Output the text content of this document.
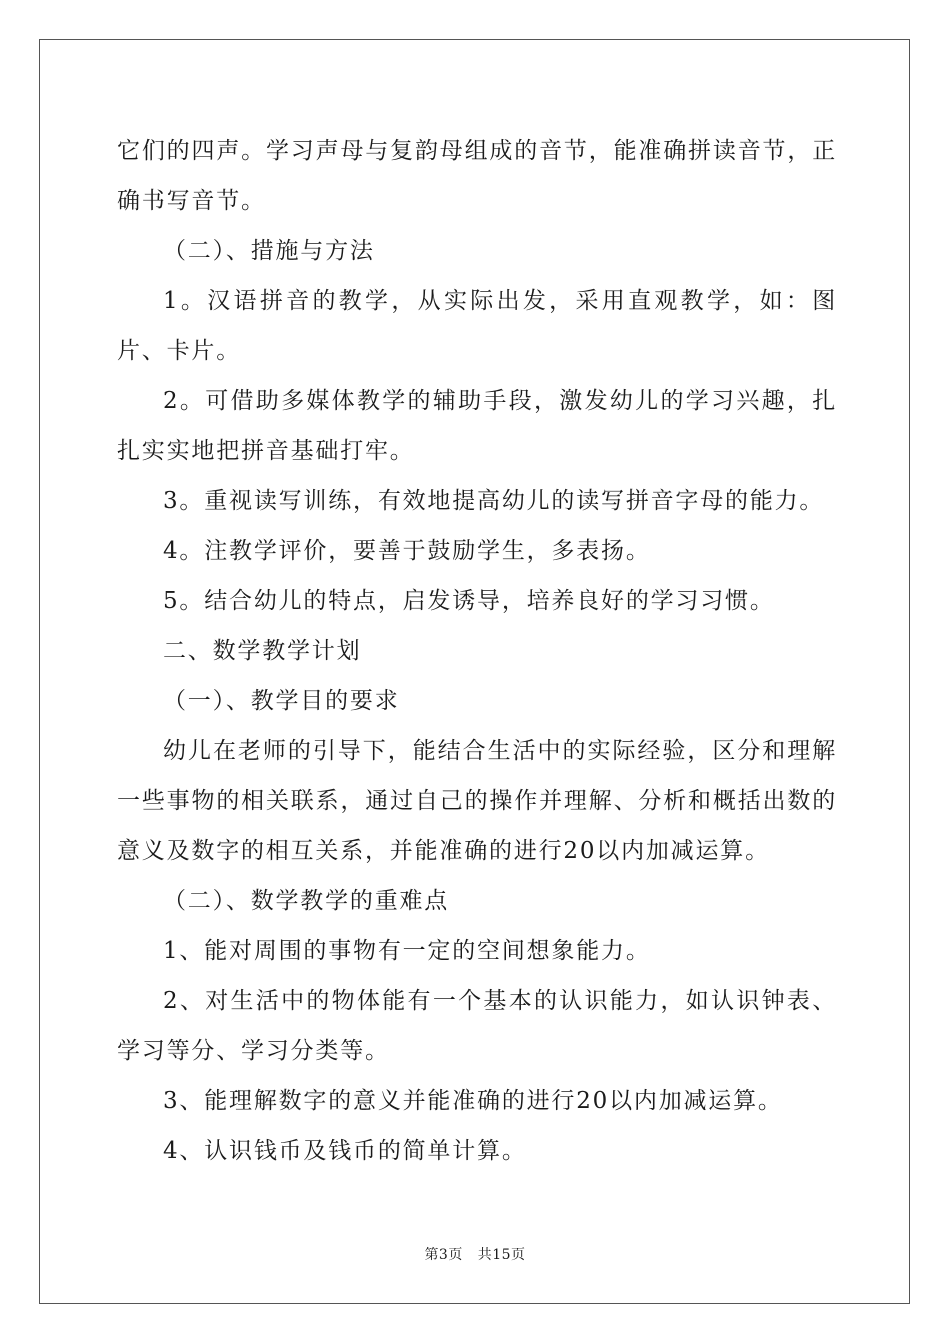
它们的四声。学习声母与复韵母组成的音节，能准确拼读音节，正确书写音节。

（二）、措施与方法

1。汉语拼音的教学，从实际出发，采用直观教学，如：图片、卡片。

2。可借助多媒体教学的辅助手段，激发幼儿的学习兴趣，扎扎实实地把拼音基础打牢。

3。重视读写训练，有效地提高幼儿的读写拼音字母的能力。

4。注教学评价，要善于鼓励学生，多表扬。

5。结合幼儿的特点，启发诱导，培养良好的学习习惯。

二、数学教学计划

（一）、教学目的要求

幼儿在老师的引导下，能结合生活中的实际经验，区分和理解一些事物的相关联系，通过自己的操作并理解、分析和概括出数的意义及数字的相互关系，并能准确的进行20以内加减运算。

（二）、数学教学的重难点

1、能对周围的事物有一定的空间想象能力。

2、对生活中的物体能有一个基本的认识能力，如认识钟表、学习等分、学习分类等。

3、能理解数字的意义并能准确的进行20以内加减运算。

4、认识钱币及钱币的简单计算。

第3页 共15页
